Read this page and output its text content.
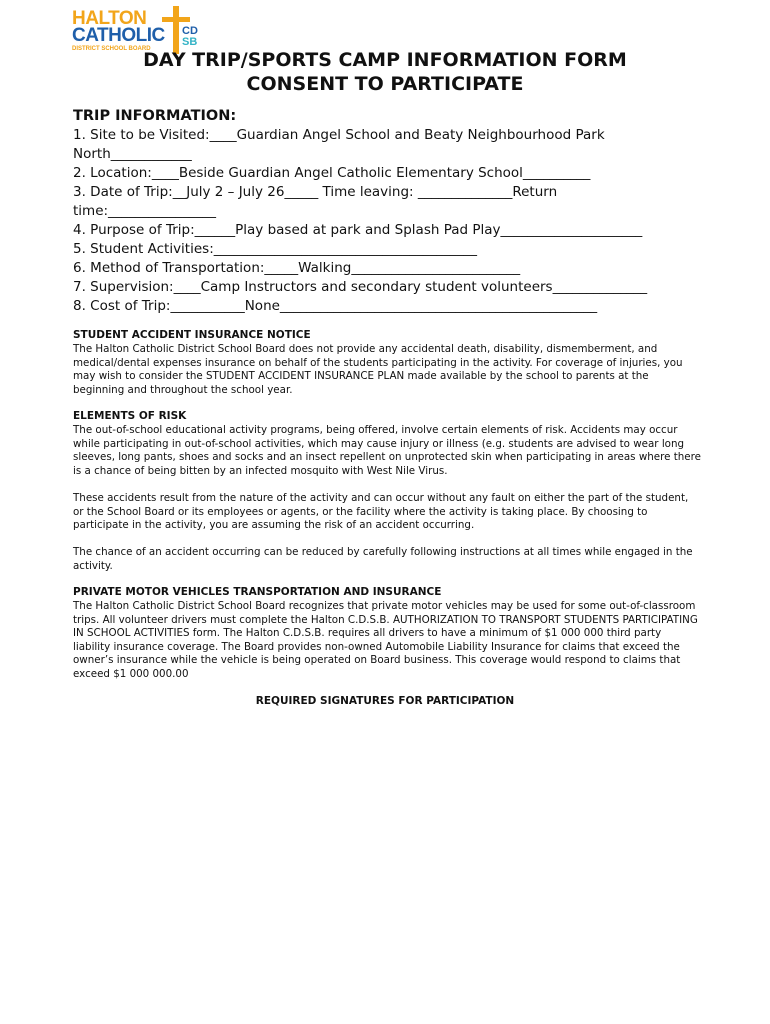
HALTON
CATHOLIC
DISTRICT SCHOOL BOARD
CD
SB
DAY TRIP/SPORTS CAMP INFORMATION FORM
CONSENT TO PARTICIPATE
TRIP INFORMATION:
1. Site to be Visited:____Guardian Angel School and Beaty Neighbourhood Park
North____________
2. Location:____Beside Guardian Angel Catholic Elementary School__________
3. Date of Trip:__July 2 – July 26_____ Time leaving: ______________Return
time:________________
4. Purpose of Trip:______Play based at park and Splash Pad Play_____________________
5. Student Activities:_______________________________________
6. Method of Transportation:_____Walking_________________________
7. Supervision:____Camp Instructors and secondary student volunteers______________
8. Cost of Trip:___________None_______________________________________________
STUDENT ACCIDENT INSURANCE NOTICE
The Halton Catholic District School Board does not provide any accidental death, disability, dismemberment, and medical/dental expenses insurance on behalf of the students participating in the activity. For coverage of injuries, you may wish to consider the STUDENT ACCIDENT INSURANCE PLAN made available by the school to parents at the beginning and throughout the school year.
ELEMENTS OF RISK
The out-of-school educational activity programs, being offered, involve certain elements of risk. Accidents may occur while participating in out-of-school activities, which may cause injury or illness (e.g. students are advised to wear long sleeves, long pants, shoes and socks and an insect repellent on unprotected skin when participating in areas where there is a chance of being bitten by an infected mosquito with West Nile Virus.
These accidents result from the nature of the activity and can occur without any fault on either the part of the student, or the School Board or its employees or agents, or the facility where the activity is taking place. By choosing to participate in the activity, you are assuming the risk of an accident occurring.
The chance of an accident occurring can be reduced by carefully following instructions at all times while engaged in the activity.
PRIVATE MOTOR VEHICLES TRANSPORTATION AND INSURANCE
The Halton Catholic District School Board recognizes that private motor vehicles may be used for some out-of-classroom trips. All volunteer drivers must complete the Halton C.D.S.B. AUTHORIZATION TO TRANSPORT STUDENTS PARTICIPATING IN SCHOOL ACTIVITIES form. The Halton C.D.S.B. requires all drivers to have a minimum of $1 000 000 third party liability insurance coverage. The Board provides non-owned Automobile Liability Insurance for claims that exceed the owner’s insurance while the vehicle is being operated on Board business. This coverage would respond to claims that exceed $1 000 000.00
REQUIRED SIGNATURES FOR PARTICIPATION
